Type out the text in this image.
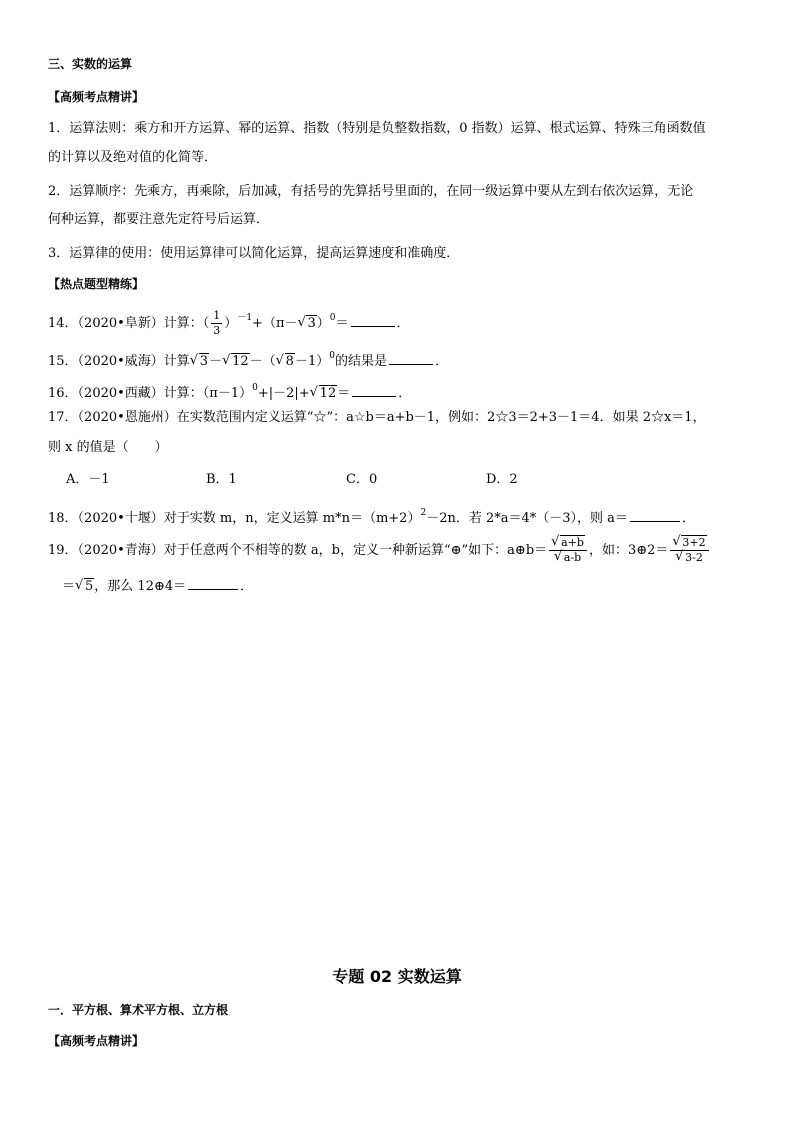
三、实数的运算
【高频考点精讲】
1．运算法则：乘方和开方运算、幂的运算、指数（特别是负整数指数，0 指数）运算、根式运算、特殊三角函数值
的计算以及绝对值的化简等．
2．运算顺序：先乘方，再乘除，后加减，有括号的先算括号里面的，在同一级运算中要从左到右依次运算，无论
何种运算，都要注意先定符号后运算．
3．运算律的使用：使用运算律可以简化运算，提高运算速度和准确度．
【热点题型精练】
14．（2020•阜新）计算：（ $\frac{1}{3} )^{-1}+(\pi-√$ 3）$^0$＝	．
15．（2020•威海）计算√ 3－√ 12－（√ 8－1）$^0$的结果是	．
16．（2020•西藏）计算：$(\pi-1)^0+|-2|+√$ 12＝	．
17．（2020•恩施州）在实数范围内定义运算“☆”：a☆b＝a+b－1，例如：2☆3＝2+3－1＝4．如果 2☆x＝1，
则 x 的值是（　　）
A．－1	B．1	C．0	D．2
18．（2020•十堰）对于实数 m，n，定义运算 $m*n=(m+2)^2-2n$．若 2*a＝4*（－3），则 a＝	．
19．（2020•青海）对于任意两个不相等的数 a，b，定义一种新运算“⊕”如下：a⊕b＝
√ a+b
√ a-b ，如：3⊕2＝
√ 3+2
√ 3-2
＝√ 5，那么 12⊕4＝	．
专题 02 实数运算
一．平方根、算术平方根、立方根
【高频考点精讲】
